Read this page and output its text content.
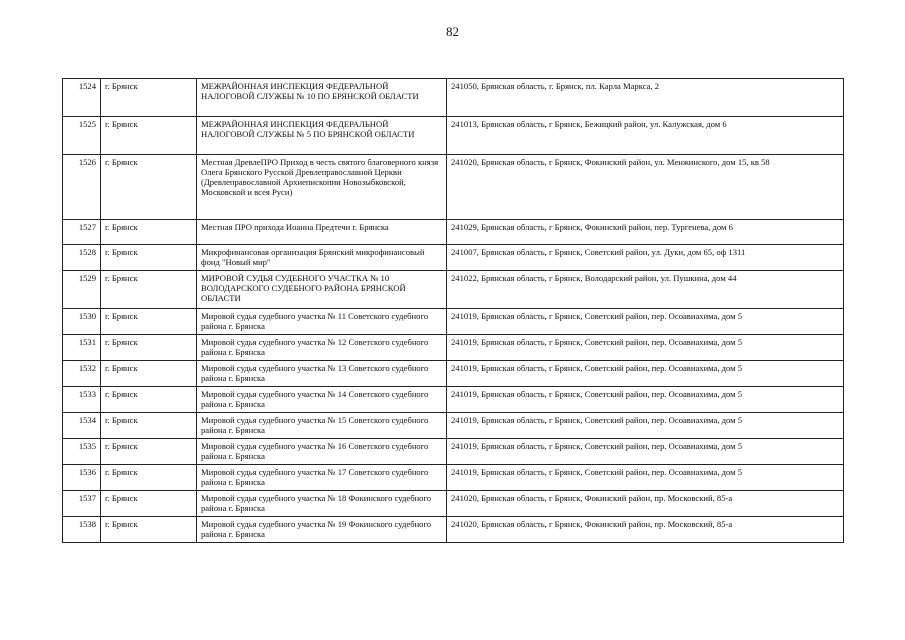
82
1524	г. Брянск	МЕЖРАЙОННАЯ ИНСПЕКЦИЯ ФЕДЕРАЛЬНОЙ НАЛОГОВОЙ СЛУЖБЫ № 10 ПО БРЯНСКОЙ ОБЛАСТИ	241050, Брянская область, г. Брянск, пл. Карла Маркса, 2
1525	г. Брянск	МЕЖРАЙОННАЯ ИНСПЕКЦИЯ ФЕДЕРАЛЬНОЙ НАЛОГОВОЙ СЛУЖБЫ № 5 ПО БРЯНСКОЙ ОБЛАСТИ	241013, Брянская область, г Брянск, Бежицкий район, ул. Калужская, дом 6
1526	г. Брянск	Местная ДревлеПРО Приход в честь святого благоверного князя Олега Брянского Русской Древлеправославной Церкви (Древлеправославной Архиепископии Новозыбковской, Московской и всея Руси)	241020, Брянская область, г Брянск, Фокинский район, ул. Менжинского, дом 15, кв 58
1527	г. Брянск	Местная ПРО прихода Иоанна Предтечи г. Брянска	241029, Брянская область, г Брянск, Фокинский район, пер. Тургенева, дом 6
1528	г. Брянск	Микрофинансовая организация Брянский микрофинансовый фонд "Новый мир"	241007, Брянская область, г Брянск, Советский район, ул. Дуки, дом 65, оф 1311
1529	г. Брянск	МИРОВОЙ СУДЬЯ СУДЕБНОГО УЧАСТКА № 10 ВОЛОДАРСКОГО СУДЕБНОГО РАЙОНА БРЯНСКОЙ ОБЛАСТИ	241022, Брянская область, г Брянск, Володарский район, ул. Пушкина, дом 44
1530	г. Брянск	Мировой судья судебного участка № 11 Советского судебного района г. Брянска	241019, Брянская область, г Брянск, Советский район, пер. Осоавиахима, дом 5
1531	г. Брянск	Мировой судья судебного участка № 12 Советского судебного района г. Брянска	241019, Брянская область, г Брянск, Советский район, пер. Осоавиахима, дом 5
1532	г. Брянск	Мировой судья судебного участка № 13 Советского судебного района г. Брянска	241019, Брянская область, г Брянск, Советский район, пер. Осоавиахима, дом 5
1533	г. Брянск	Мировой судья судебного участка № 14 Советского судебного района г. Брянска	241019, Брянская область, г Брянск, Советский район, пер. Осоавиахима, дом 5
1534	г. Брянск	Мировой судья судебного участка № 15 Советского судебного района г. Брянска	241019, Брянская область, г Брянск, Советский район, пер. Осоавиахима, дом 5
1535	г. Брянск	Мировой судья судебного участка № 16 Советского судебного района г. Брянска	241019, Брянская область, г Брянск, Советский район, пер. Осоавиахима, дом 5
1536	г. Брянск	Мировой судья судебного участка № 17 Советского судебного района г. Брянска	241019, Брянская область, г Брянск, Советский район, пер. Осоавиахима, дом 5
1537	г. Брянск	Мировой судья судебного участка № 18 Фокинского судебного района г. Брянска	241020, Брянская область, г Брянск, Фокинский район, пр. Московский, 85-а
1538	г. Брянск	Мировой судья судебного участка № 19 Фокинского судебного района г. Брянска	241020, Брянская область, г Брянск, Фокинский район, пр. Московский, 85-а
